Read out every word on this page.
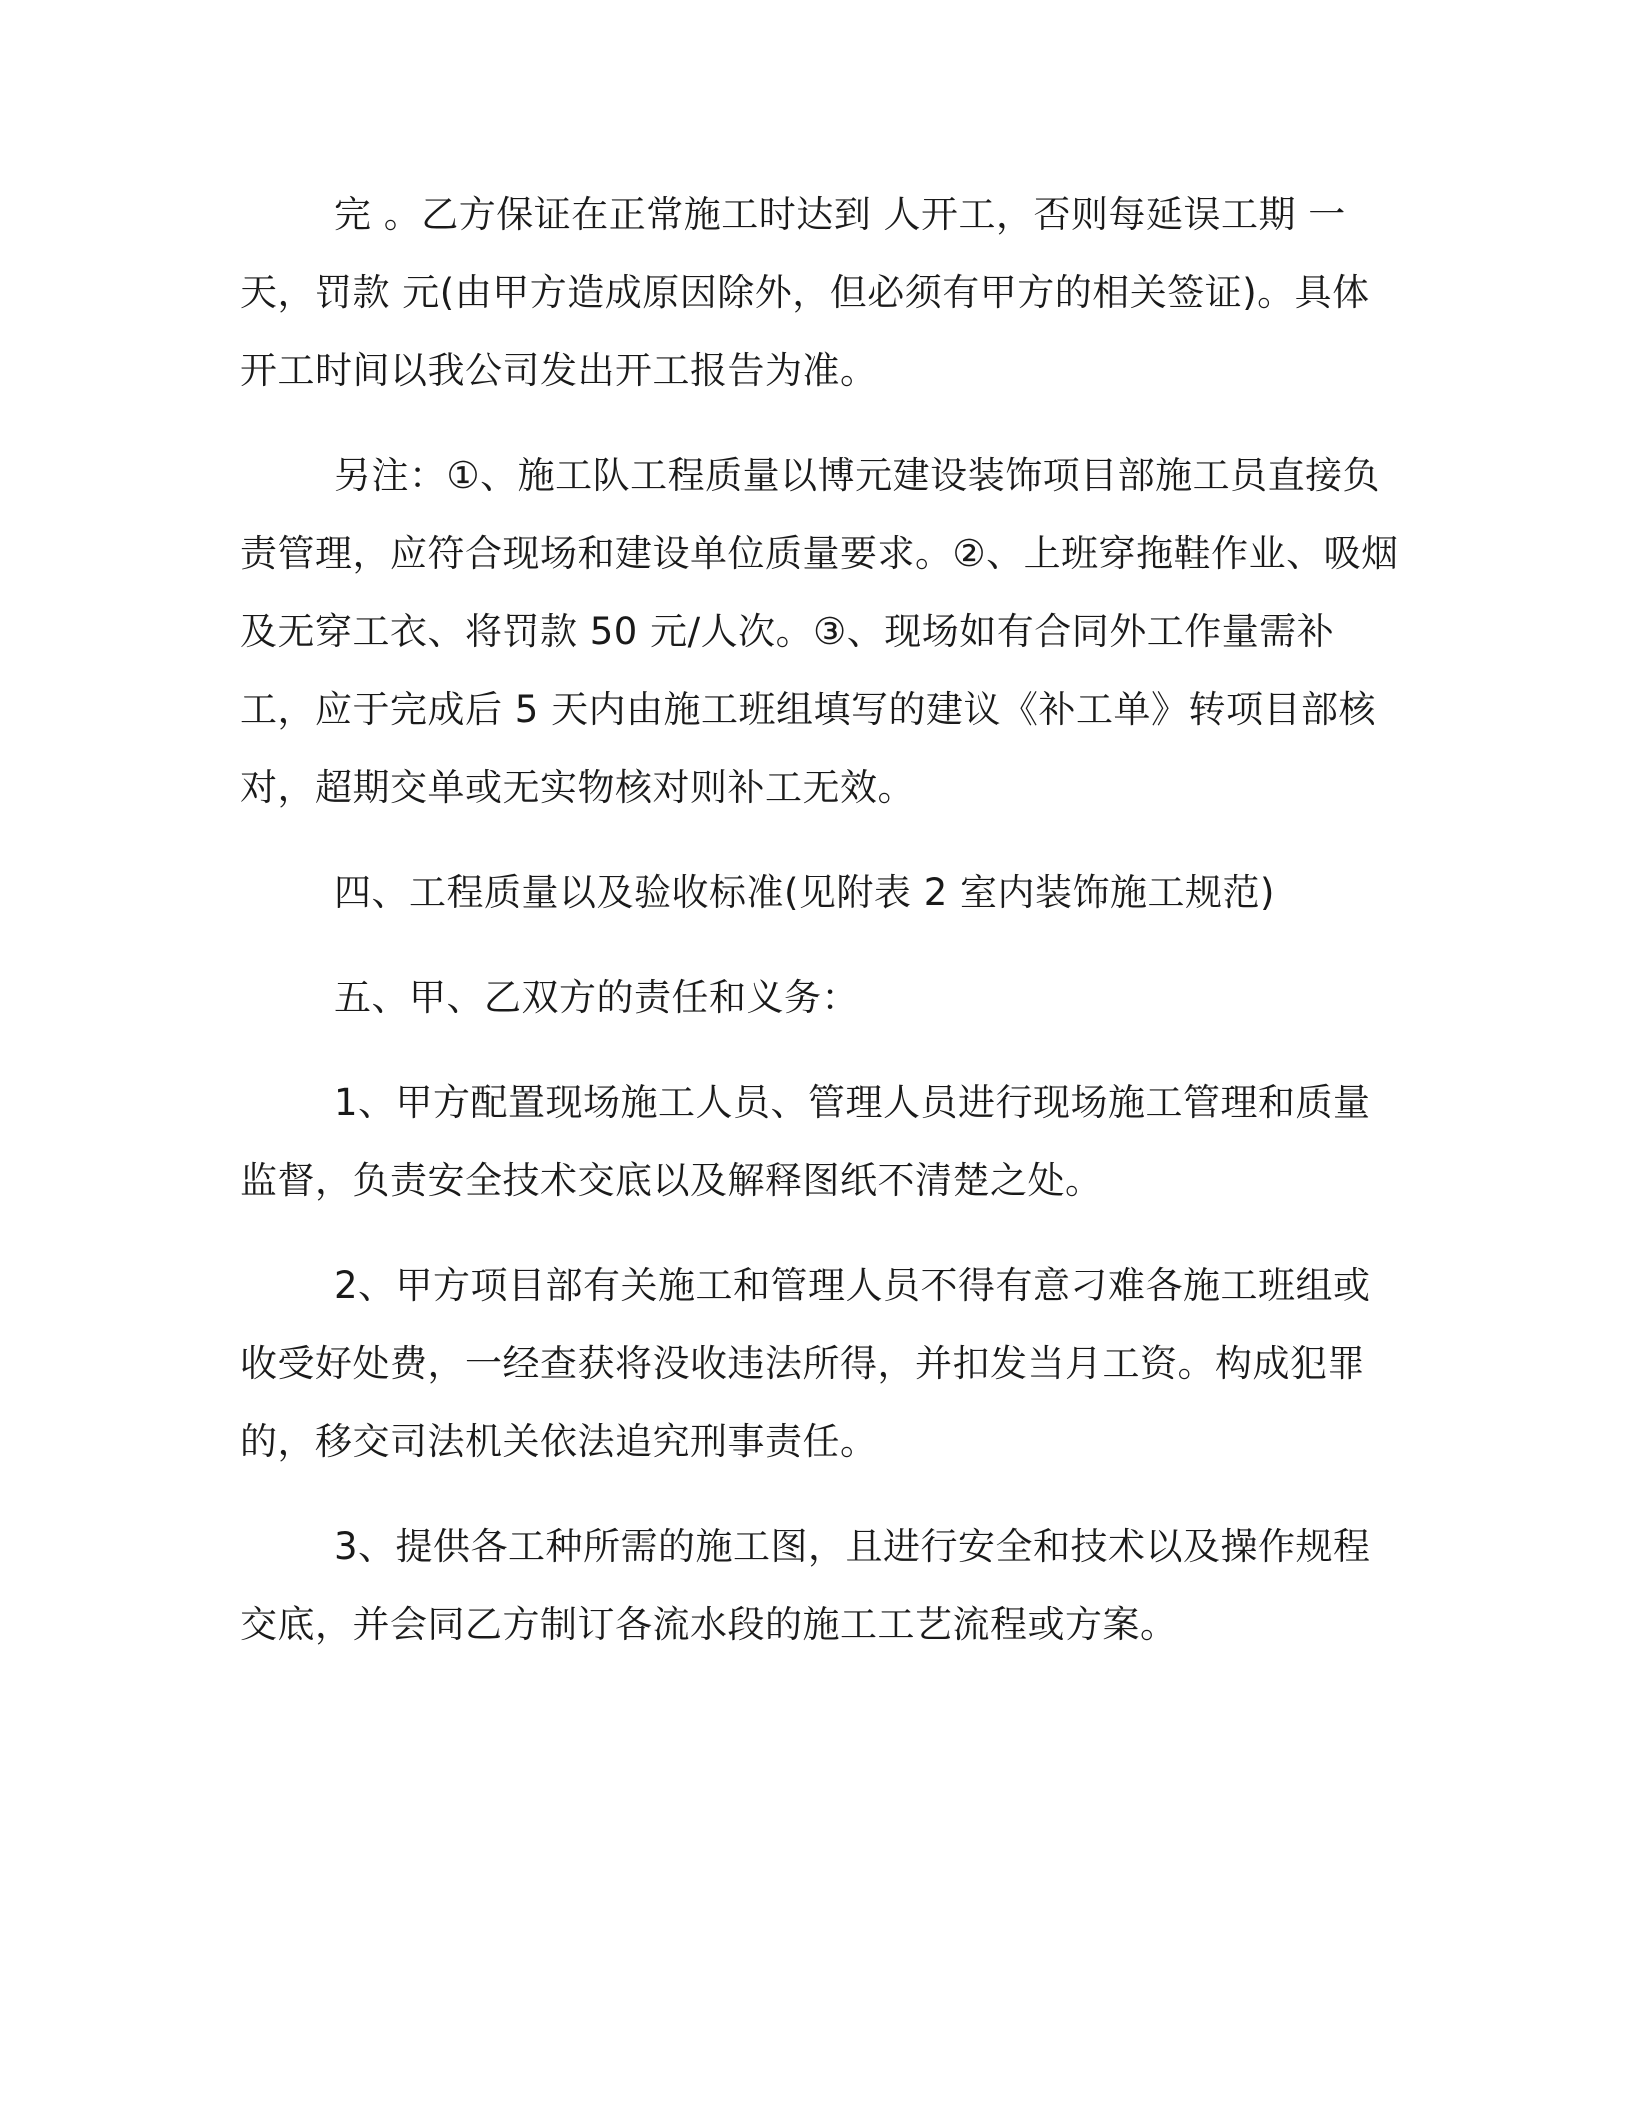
完 。乙方保证在正常施工时达到 人开工，否则每延误工期 一 天，罚款 元(由甲方造成原因除外，但必须有甲方的相关签证)。具体开工时间以我公司发出开工报告为准。

另注：①、施工队工程质量以博元建设装饰项目部施工员直接负责管理，应符合现场和建设单位质量要求。②、上班穿拖鞋作业、吸烟及无穿工衣、将罚款 50 元/人次。③、现场如有合同外工作量需补工，应于完成后 5 天内由施工班组填写的建议《补工单》转项目部核对，超期交单或无实物核对则补工无效。

四、工程质量以及验收标准(见附表 2 室内装饰施工规范)

五、甲、乙双方的责任和义务：

1、甲方配置现场施工人员、管理人员进行现场施工管理和质量监督，负责安全技术交底以及解释图纸不清楚之处。

2、甲方项目部有关施工和管理人员不得有意刁难各施工班组或收受好处费，一经查获将没收违法所得，并扣发当月工资。构成犯罪的，移交司法机关依法追究刑事责任。

3、提供各工种所需的施工图，且进行安全和技术以及操作规程交底，并会同乙方制订各流水段的施工工艺流程或方案。
